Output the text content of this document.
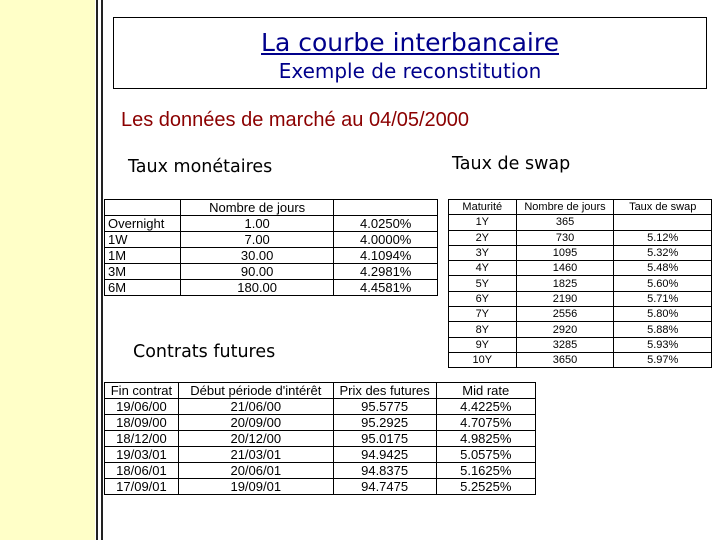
La courbe interbancaire
Exemple de reconstitution
Les données de marché au 04/05/2000
Taux monétaires	Taux de swap
Contrats futures
	Nombre de jours	
Overnight	1.00	4.0250%
1W	7.00	4.0000%
1M	30.00	4.1094%
3M	90.00	4.2981%
6M	180.00	4.4581%
Maturité	Nombre de jours	Taux de swap
1Y	365	
2Y	730	5.12%
3Y	1095	5.32%
4Y	1460	5.48%
5Y	1825	5.60%
6Y	2190	5.71%
7Y	2556	5.80%
8Y	2920	5.88%
9Y	3285	5.93%
10Y	3650	5.97%
Fin contrat	Début période d'intérêt	Prix des futures	Mid rate
19/06/00	21/06/00	95.5775	4.4225%
18/09/00	20/09/00	95.2925	4.7075%
18/12/00	20/12/00	95.0175	4.9825%
19/03/01	21/03/01	94.9425	5.0575%
18/06/01	20/06/01	94.8375	5.1625%
17/09/01	19/09/01	94.7475	5.2525%
